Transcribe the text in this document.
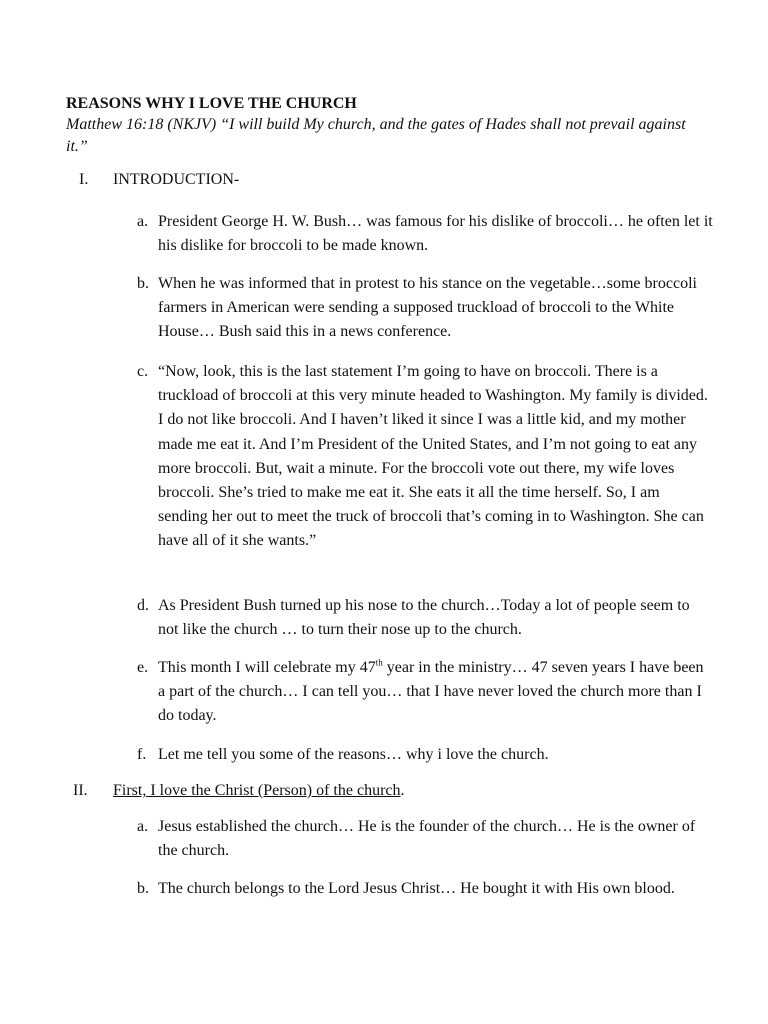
REASONS WHY I LOVE THE CHURCH

Matthew 16:18 (NKJV) “I will build My church, and the gates of Hades shall not prevail against it.”

I. INTRODUCTION-
a. President George H. W. Bush… was famous for his dislike of broccoli… he often let it his dislike for broccoli to be made known.
b. When he was informed that in protest to his stance on the vegetable…some broccoli farmers in American were sending a supposed truckload of broccoli to the White House… Bush said this in a news conference.
c. “Now, look, this is the last statement I’m going to have on broccoli. There is a truckload of broccoli at this very minute headed to Washington. My family is divided. I do not like broccoli. And I haven’t liked it since I was a little kid, and my mother made me eat it. And I’m President of the United States, and I’m not going to eat any more broccoli. But, wait a minute. For the broccoli vote out there, my wife loves broccoli. She’s tried to make me eat it. She eats it all the time herself. So, I am sending her out to meet the truck of broccoli that’s coming in to Washington. She can have all of it she wants.”
d. As President Bush turned up his nose to the church…Today a lot of people seem to not like the church … to turn their nose up to the church.
e. This month I will celebrate my 47th year in the ministry… 47 seven years I have been a part of the church… I can tell you… that I have never loved the church more than I do today.
f. Let me tell you some of the reasons… why i love the church.
II. First, I love the Christ (Person) of the church.
a. Jesus established the church… He is the founder of the church… He is the owner of the church.
b. The church belongs to the Lord Jesus Christ… He bought it with His own blood.
